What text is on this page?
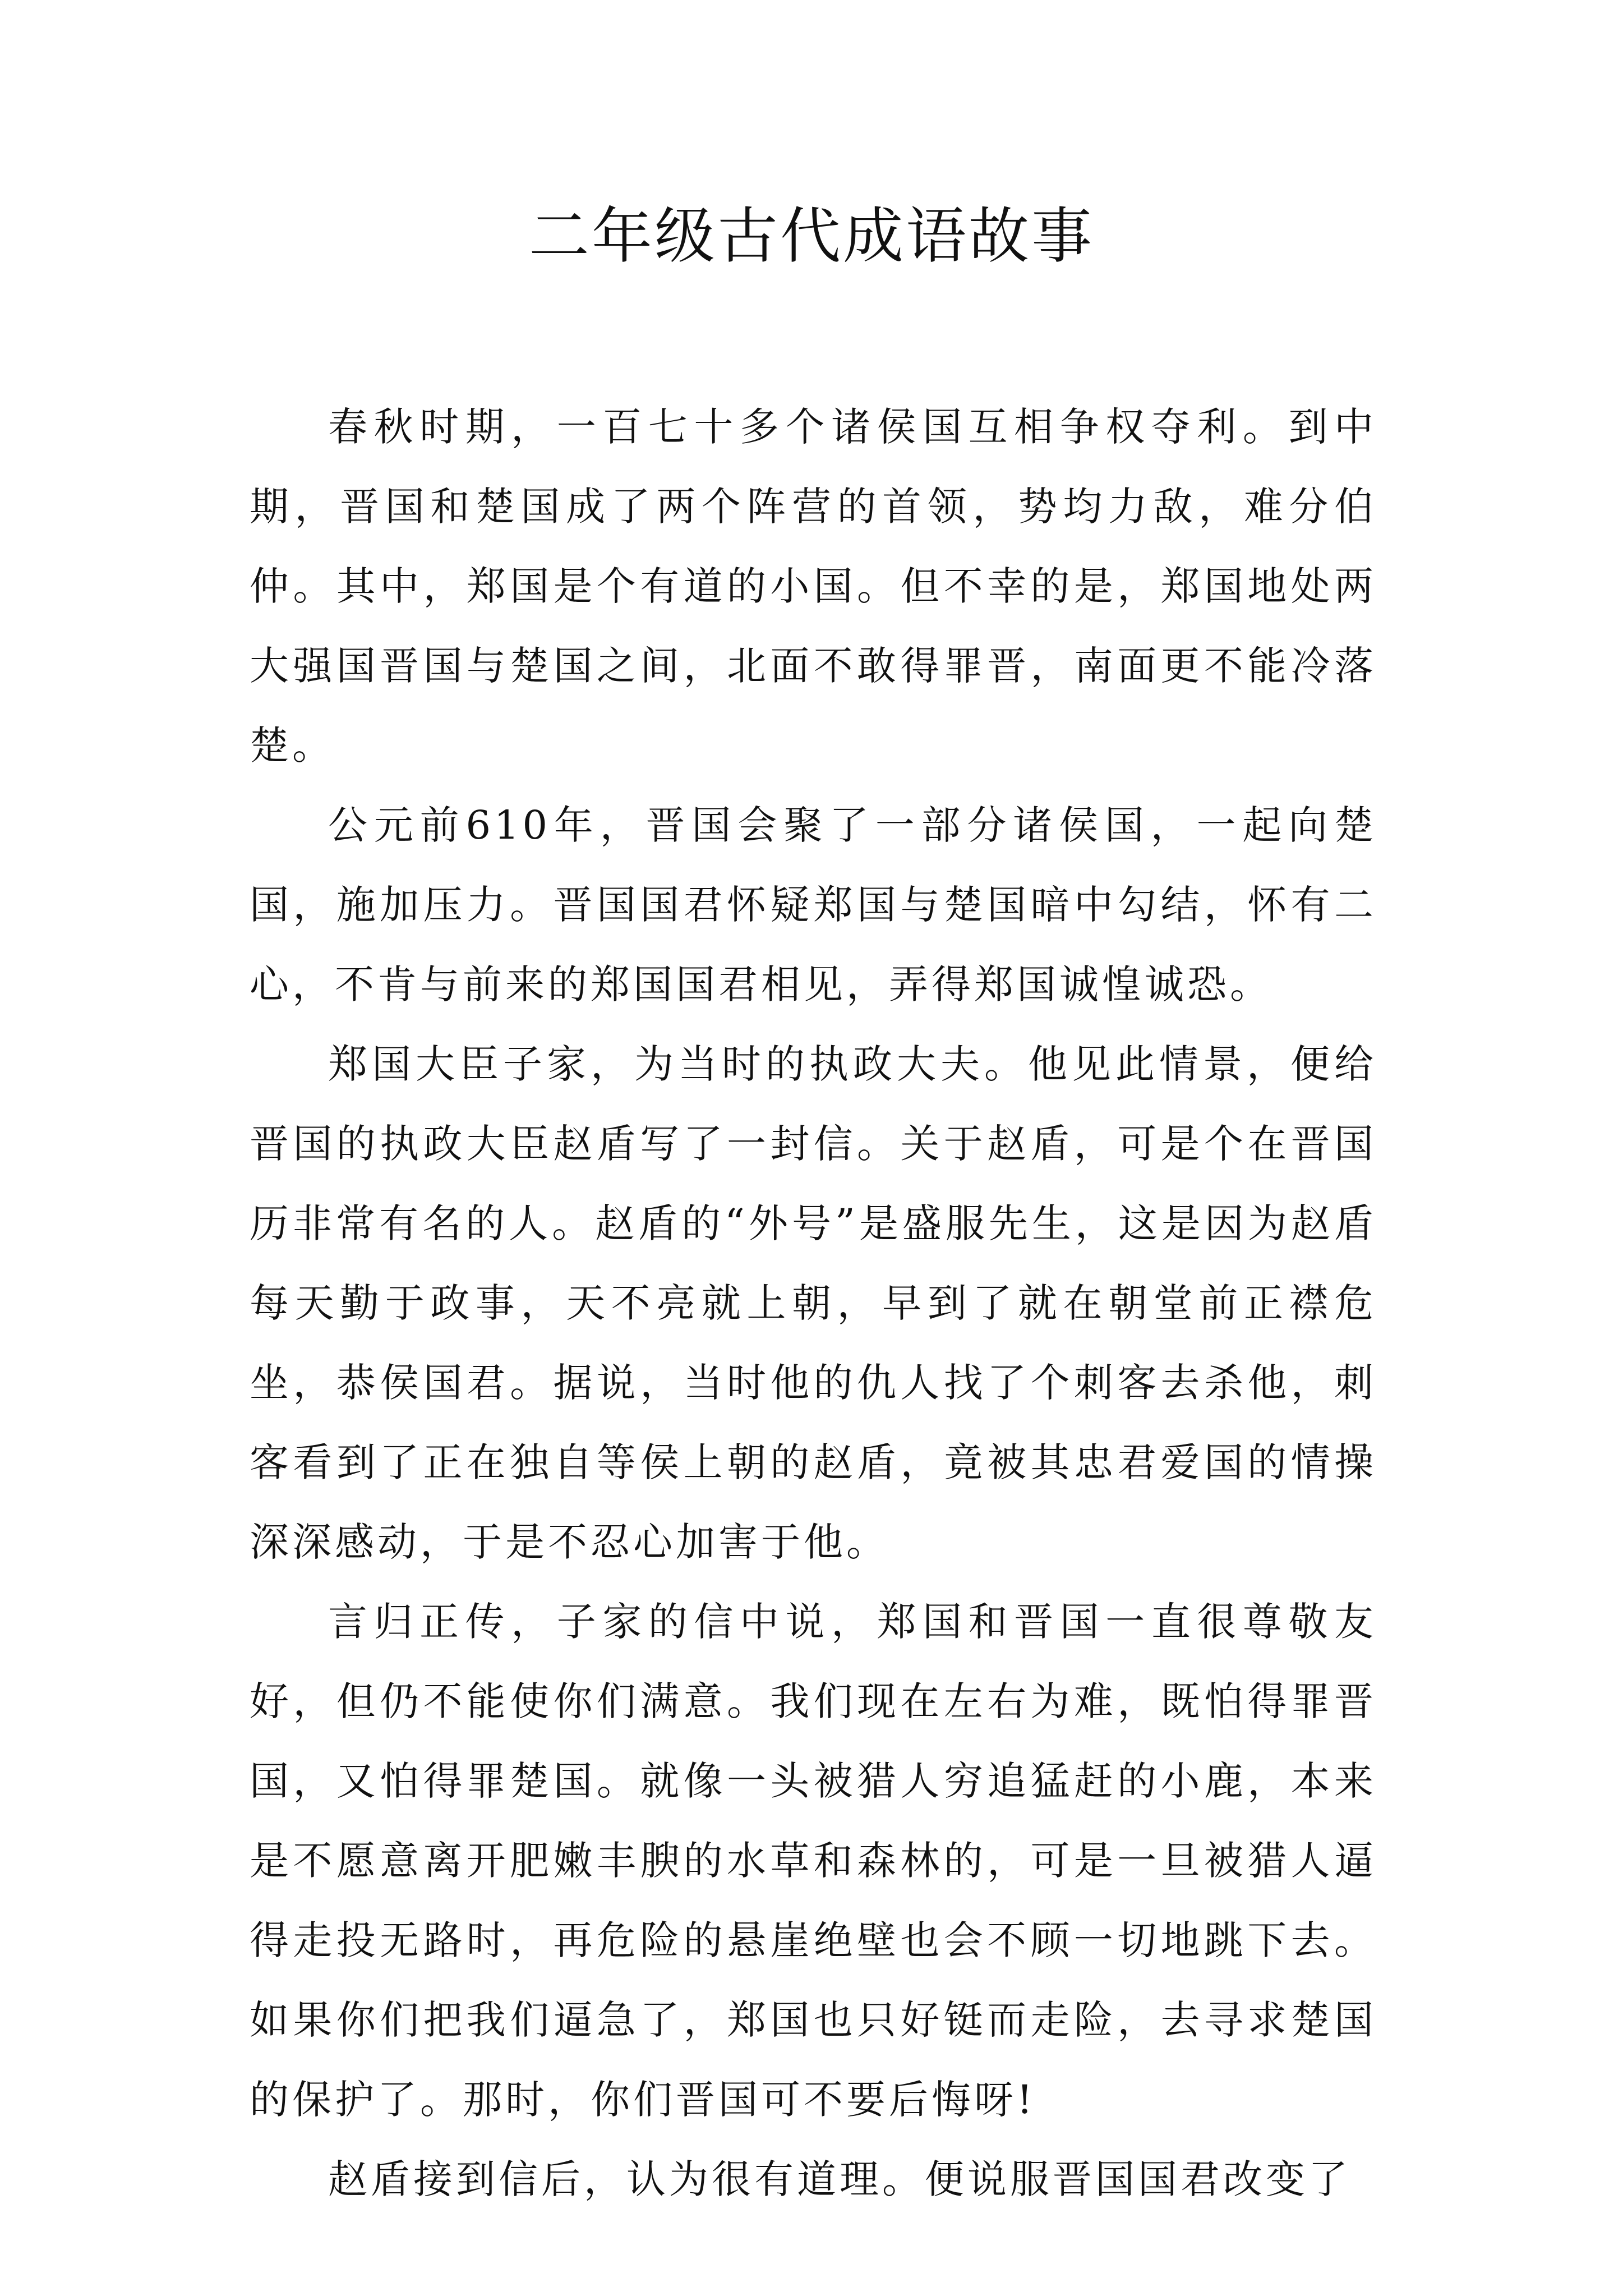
二年级古代成语故事

春秋时期，一百七十多个诸侯国互相争权夺利。到中期，晋国和楚国成了两个阵营的首领，势均力敌，难分伯仲。其中，郑国是个有道的小国。但不幸的是，郑国地处两大强国晋国与楚国之间，北面不敢得罪晋，南面更不能冷落楚。

公元前610年，晋国会聚了一部分诸侯国，一起向楚国，施加压力。晋国国君怀疑郑国与楚国暗中勾结，怀有二心，不肯与前来的郑国国君相见，弄得郑国诚惶诚恐。

郑国大臣子家，为当时的执政大夫。他见此情景，便给晋国的执政大臣赵盾写了一封信。关于赵盾，可是个在晋国历非常有名的人。赵盾的“外号”是盛服先生，这是因为赵盾每天勤于政事，天不亮就上朝，早到了就在朝堂前正襟危坐，恭侯国君。据说，当时他的仇人找了个刺客去杀他，刺客看到了正在独自等侯上朝的赵盾，竟被其忠君爱国的情操深深感动，于是不忍心加害于他。

言归正传，子家的信中说，郑国和晋国一直很尊敬友好，但仍不能使你们满意。我们现在左右为难，既怕得罪晋国，又怕得罪楚国。就像一头被猎人穷追猛赶的小鹿，本来是不愿意离开肥嫩丰腴的水草和森林的，可是一旦被猎人逼得走投无路时，再危险的悬崖绝壁也会不顾一切地跳下去。如果你们把我们逼急了，郑国也只好铤而走险，去寻求楚国的保护了。那时，你们晋国可不要后悔呀!

赵盾接到信后，认为很有道理。便说服晋国国君改变了
